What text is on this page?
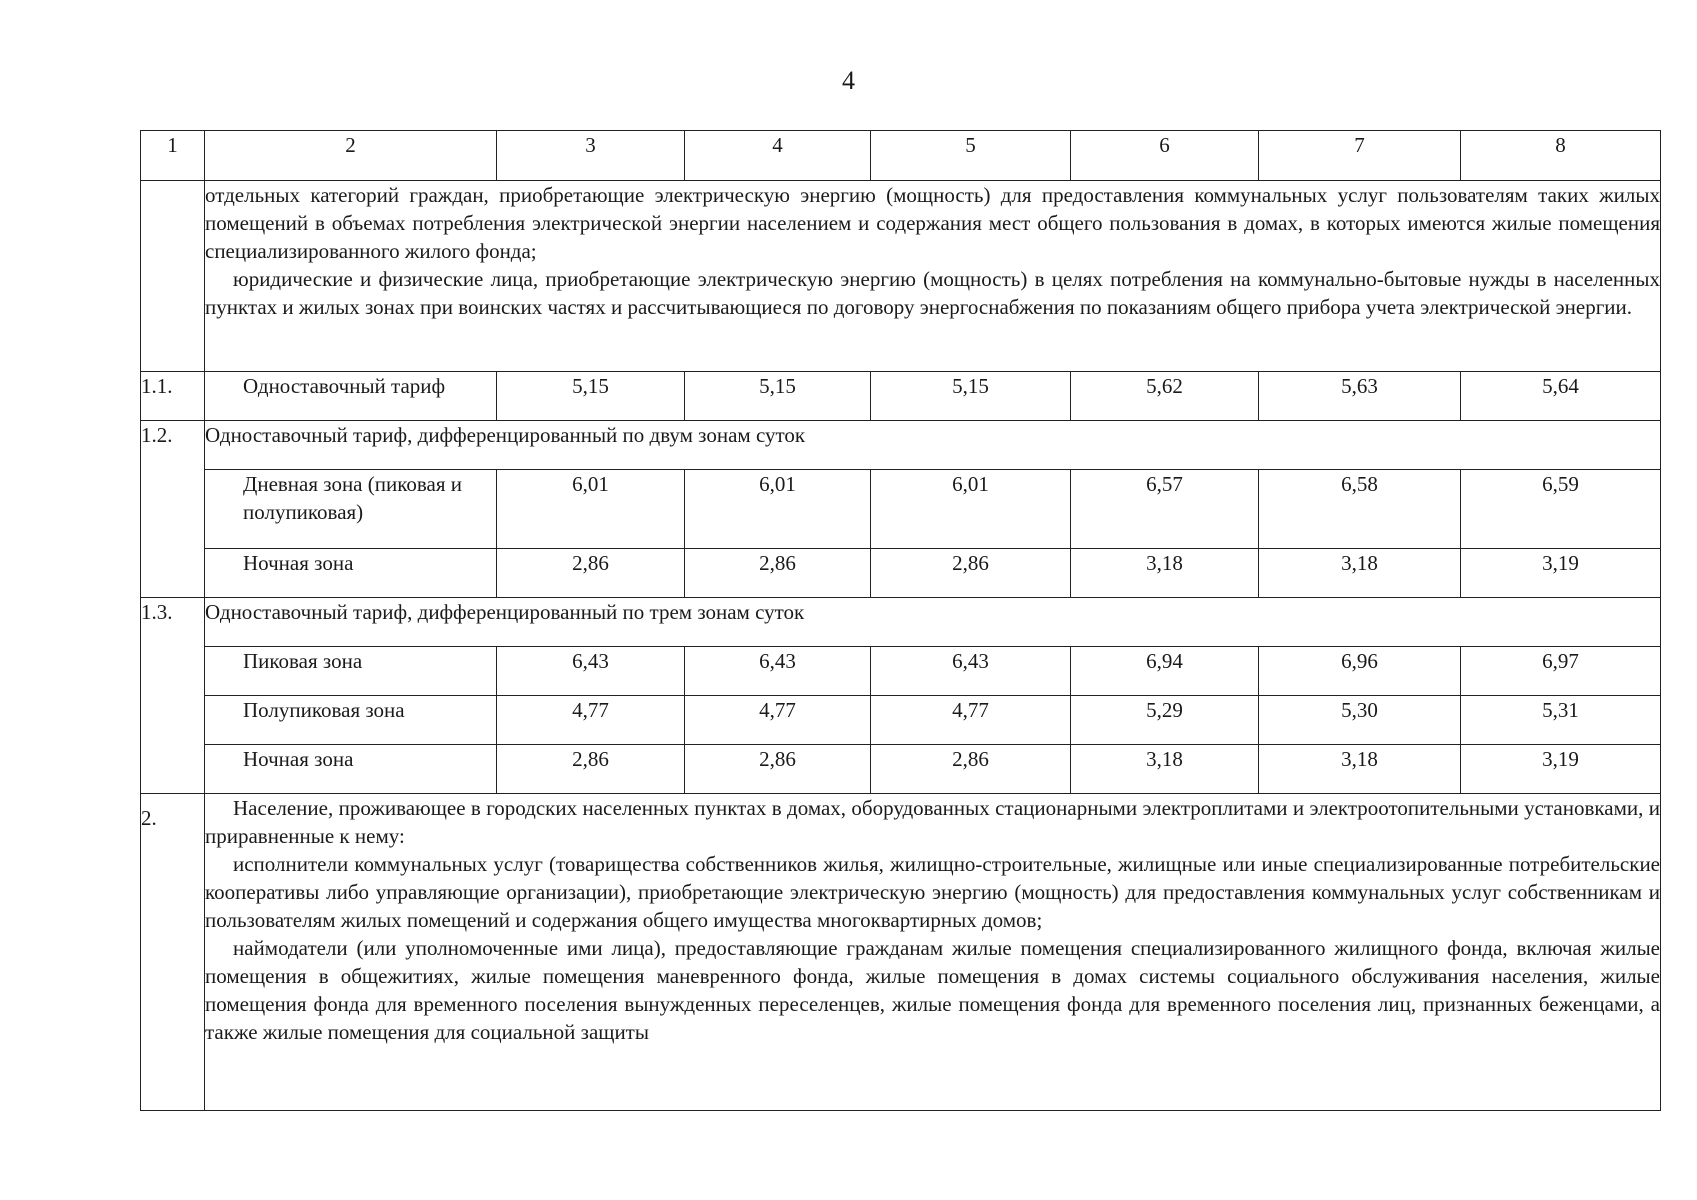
4
1	2	3	4	5	6	7	8

	отдельных категорий граждан, приобретающие электрическую энергию (мощность) для предоставления коммунальных услуг пользователям таких жилых помещений в объемах потребления электрической энергии населением и содержания мест общего пользования в домах, в которых имеются жилые помещения специализированного жилого фонда;

юридические и физические лица, приобретающие электрическую энергию (мощность) в целях потребления на коммунально-бытовые нужды в населенных пунктах и жилых зонах при воинских частях и рассчитывающиеся по договору энергоснабжения по показаниям общего прибора учета электрической энергии.						

1.1.	Одноставочный тариф	5,15	5,15	5,15	5,62	5,63	5,64
1.2.	Одноставочный тариф, дифференцированный по двум зонам суток						
	Дневная зона (пиковая и полупиковая)	6,01	6,01	6,01	6,57	6,58	6,59
	Ночная зона	2,86	2,86	2,86	3,18	3,18	3,19
1.3.	Одноставочный тариф, дифференцированный по трем зонам суток						
	Пиковая зона	6,43	6,43	6,43	6,94	6,96	6,97
	Полупиковая зона	4,77	4,77	4,77	5,29	5,30	5,31
	Ночная зона	2,86	2,86	2,86	3,18	3,18	3,19
2.	Население, проживающее в городских населенных пунктах в домах, оборудованных стационарными электроплитами и электроотопительными установками, и приравненные к нему:

исполнители коммунальных услуг (товарищества собственников жилья, жилищно-строительные, жилищные или иные специализированные потребительские кооперативы либо управляющие организации), приобретающие электрическую энергию (мощность) для предоставления коммунальных услуг собственникам и пользователям жилых помещений и содержания общего имущества многоквартирных домов;

наймодатели (или уполномоченные ими лица), предоставляющие гражданам жилые помещения специализированного жилищного фонда, включая жилые помещения в общежитиях, жилые помещения маневренного фонда, жилые помещения в домах системы социального обслуживания населения, жилые помещения фонда для временного поселения вынужденных переселенцев, жилые помещения фонда для временного поселения лиц, признанных беженцами, а также жилые помещения для социальной защиты						
